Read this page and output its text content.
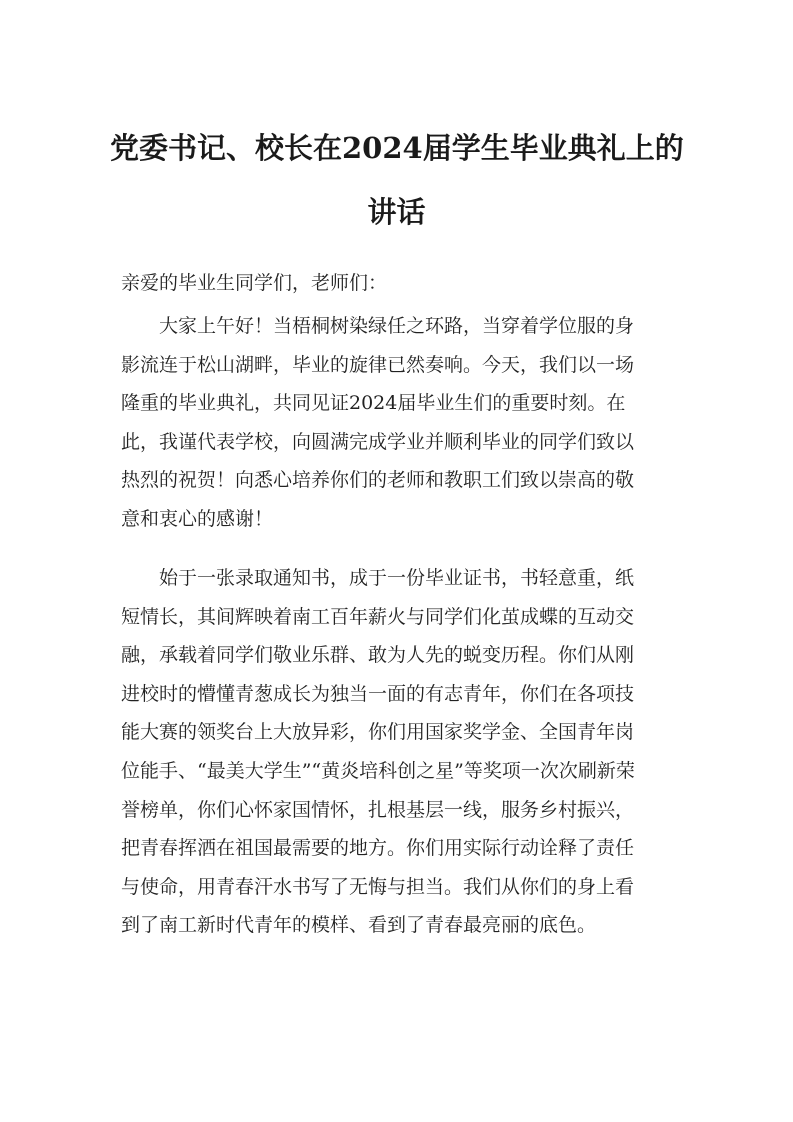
党委书记、校长在2024届学生毕业典礼上的
讲话
亲爱的毕业生同学们，老师们：
大家上午好！当梧桐树染绿任之环路，当穿着学位服的身
影流连于松山湖畔，毕业的旋律已然奏响。今天，我们以一场
隆重的毕业典礼，共同见证2024届毕业生们的重要时刻。在
此，我谨代表学校，向圆满完成学业并顺利毕业的同学们致以
热烈的祝贺！向悉心培养你们的老师和教职工们致以崇高的敬
意和衷心的感谢！
始于一张录取通知书，成于一份毕业证书，书轻意重，纸
短情长，其间辉映着南工百年薪火与同学们化茧成蝶的互动交
融，承载着同学们敬业乐群、敢为人先的蜕变历程。你们从刚
进校时的懵懂青葱成长为独当一面的有志青年，你们在各项技
能大赛的领奖台上大放异彩，你们用国家奖学金、全国青年岗
位能手、“最美大学生”“黄炎培科创之星”等奖项一次次刷新荣
誉榜单，你们心怀家国情怀，扎根基层一线，服务乡村振兴，
把青春挥洒在祖国最需要的地方。你们用实际行动诠释了责任
与使命，用青春汗水书写了无悔与担当。我们从你们的身上看
到了南工新时代青年的模样、看到了青春最亮丽的底色。
